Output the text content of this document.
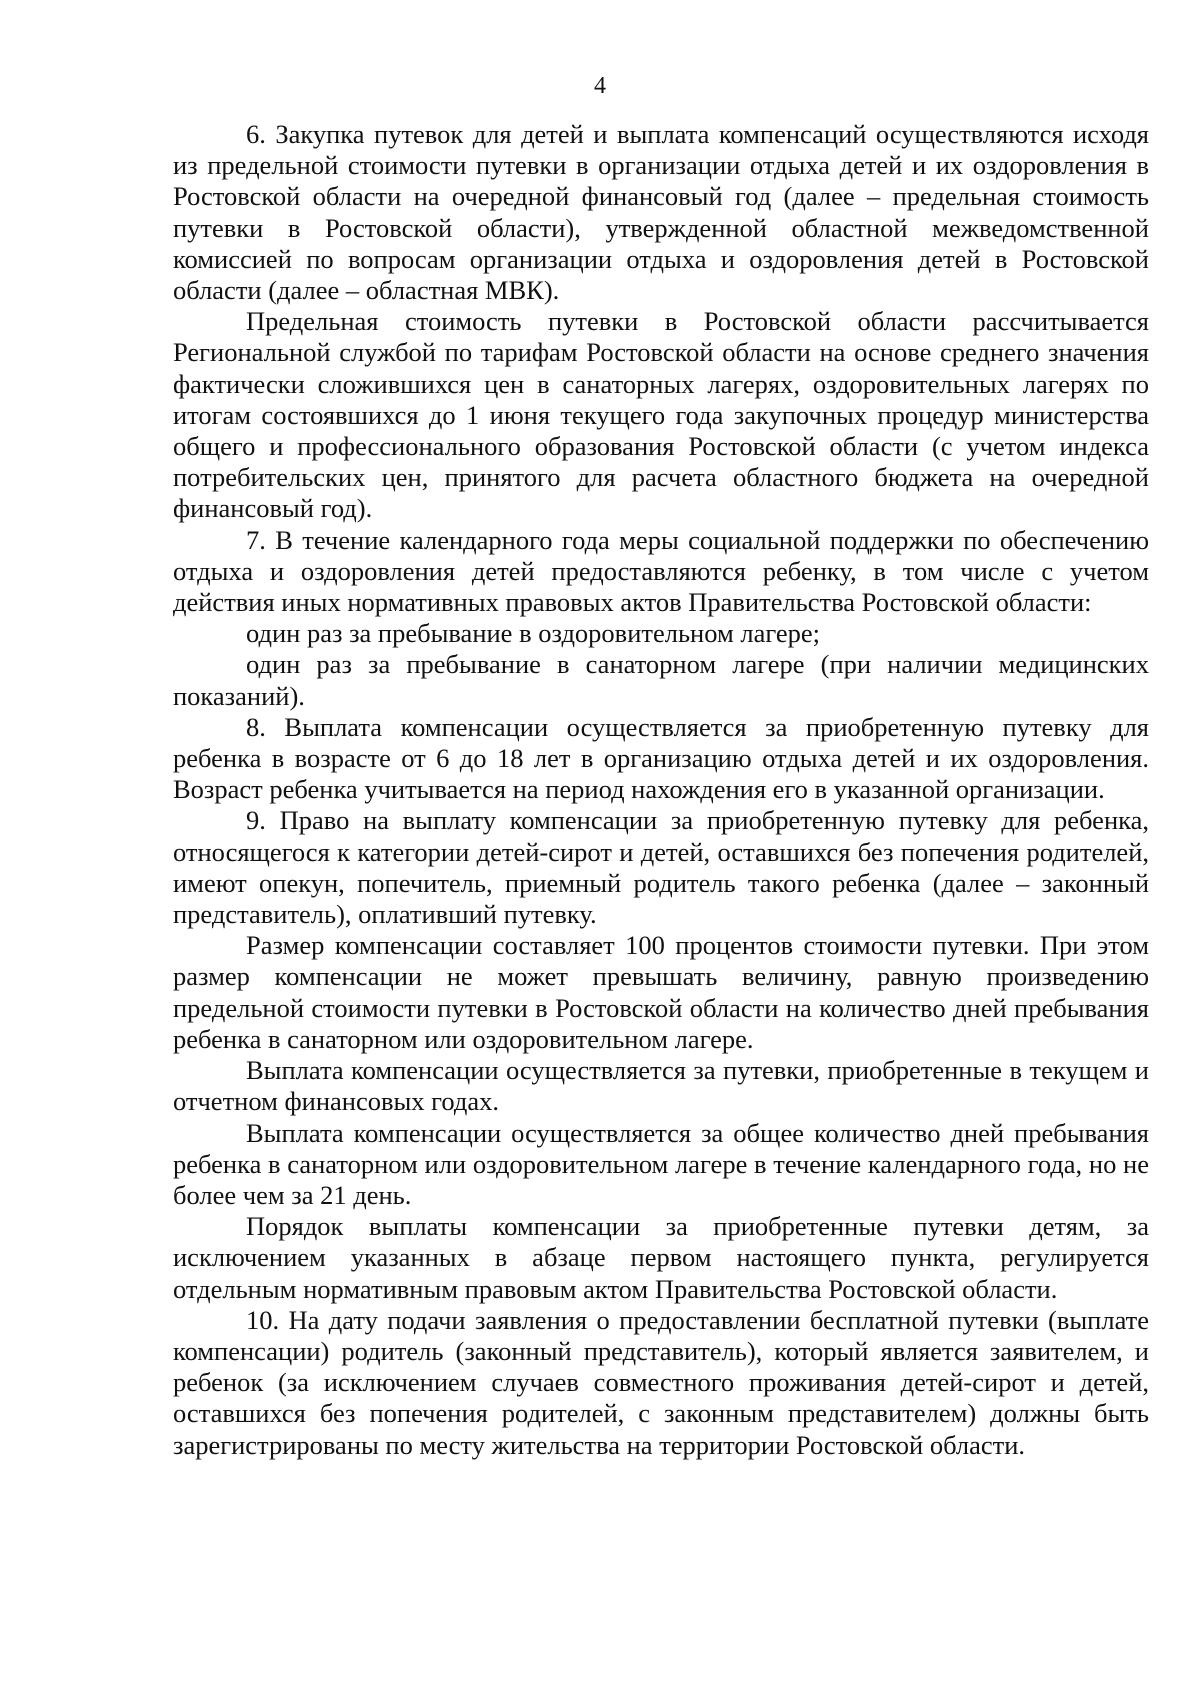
4

6. Закупка путевок для детей и выплата компенсаций осуществляются исходя из предельной стоимости путевки в организации отдыха детей и их оздоровления в Ростовской области на очередной финансовый год (далее – предельная стоимость путевки в Ростовской области), утвержденной областной межведомственной комиссией по вопросам организации отдыха и оздоровления детей в Ростовской области (далее – областная МВК).

Предельная стоимость путевки в Ростовской области рассчитывается Региональной службой по тарифам Ростовской области на основе среднего значения фактически сложившихся цен в санаторных лагерях, оздоровительных лагерях по итогам состоявшихся до 1 июня текущего года закупочных процедур министерства общего и профессионального образования Ростовской области (с учетом индекса потребительских цен, принятого для расчета областного бюджета на очередной финансовый год).

7. В течение календарного года меры социальной поддержки по обеспечению отдыха и оздоровления детей предоставляются ребенку, в том числе с учетом действия иных нормативных правовых актов Правительства Ростовской области:

один раз за пребывание в оздоровительном лагере;

один раз за пребывание в санаторном лагере (при наличии медицинских показаний).

8. Выплата компенсации осуществляется за приобретенную путевку для ребенка в возрасте от 6 до 18 лет в организацию отдыха детей и их оздоровления. Возраст ребенка учитывается на период нахождения его в указанной организации.

9. Право на выплату компенсации за приобретенную путевку для ребенка, относящегося к категории детей-сирот и детей, оставшихся без попечения родителей, имеют опекун, попечитель, приемный родитель такого ребенка (далее – законный представитель), оплативший путевку.

Размер компенсации составляет 100 процентов стоимости путевки. При этом размер компенсации не может превышать величину, равную произведению предельной стоимости путевки в Ростовской области на количество дней пребывания ребенка в санаторном или оздоровительном лагере.

Выплата компенсации осуществляется за путевки, приобретенные в текущем и отчетном финансовых годах.

Выплата компенсации осуществляется за общее количество дней пребывания ребенка в санаторном или оздоровительном лагере в течение календарного года, но не более чем за 21 день.

Порядок выплаты компенсации за приобретенные путевки детям, за исключением указанных в абзаце первом настоящего пункта, регулируется отдельным нормативным правовым актом Правительства Ростовской области.

10. На дату подачи заявления о предоставлении бесплатной путевки (выплате компенсации) родитель (законный представитель), который является заявителем, и ребенок (за исключением случаев совместного проживания детей-сирот и детей, оставшихся без попечения родителей, с законным представителем) должны быть зарегистрированы по месту жительства на территории Ростовской области.
